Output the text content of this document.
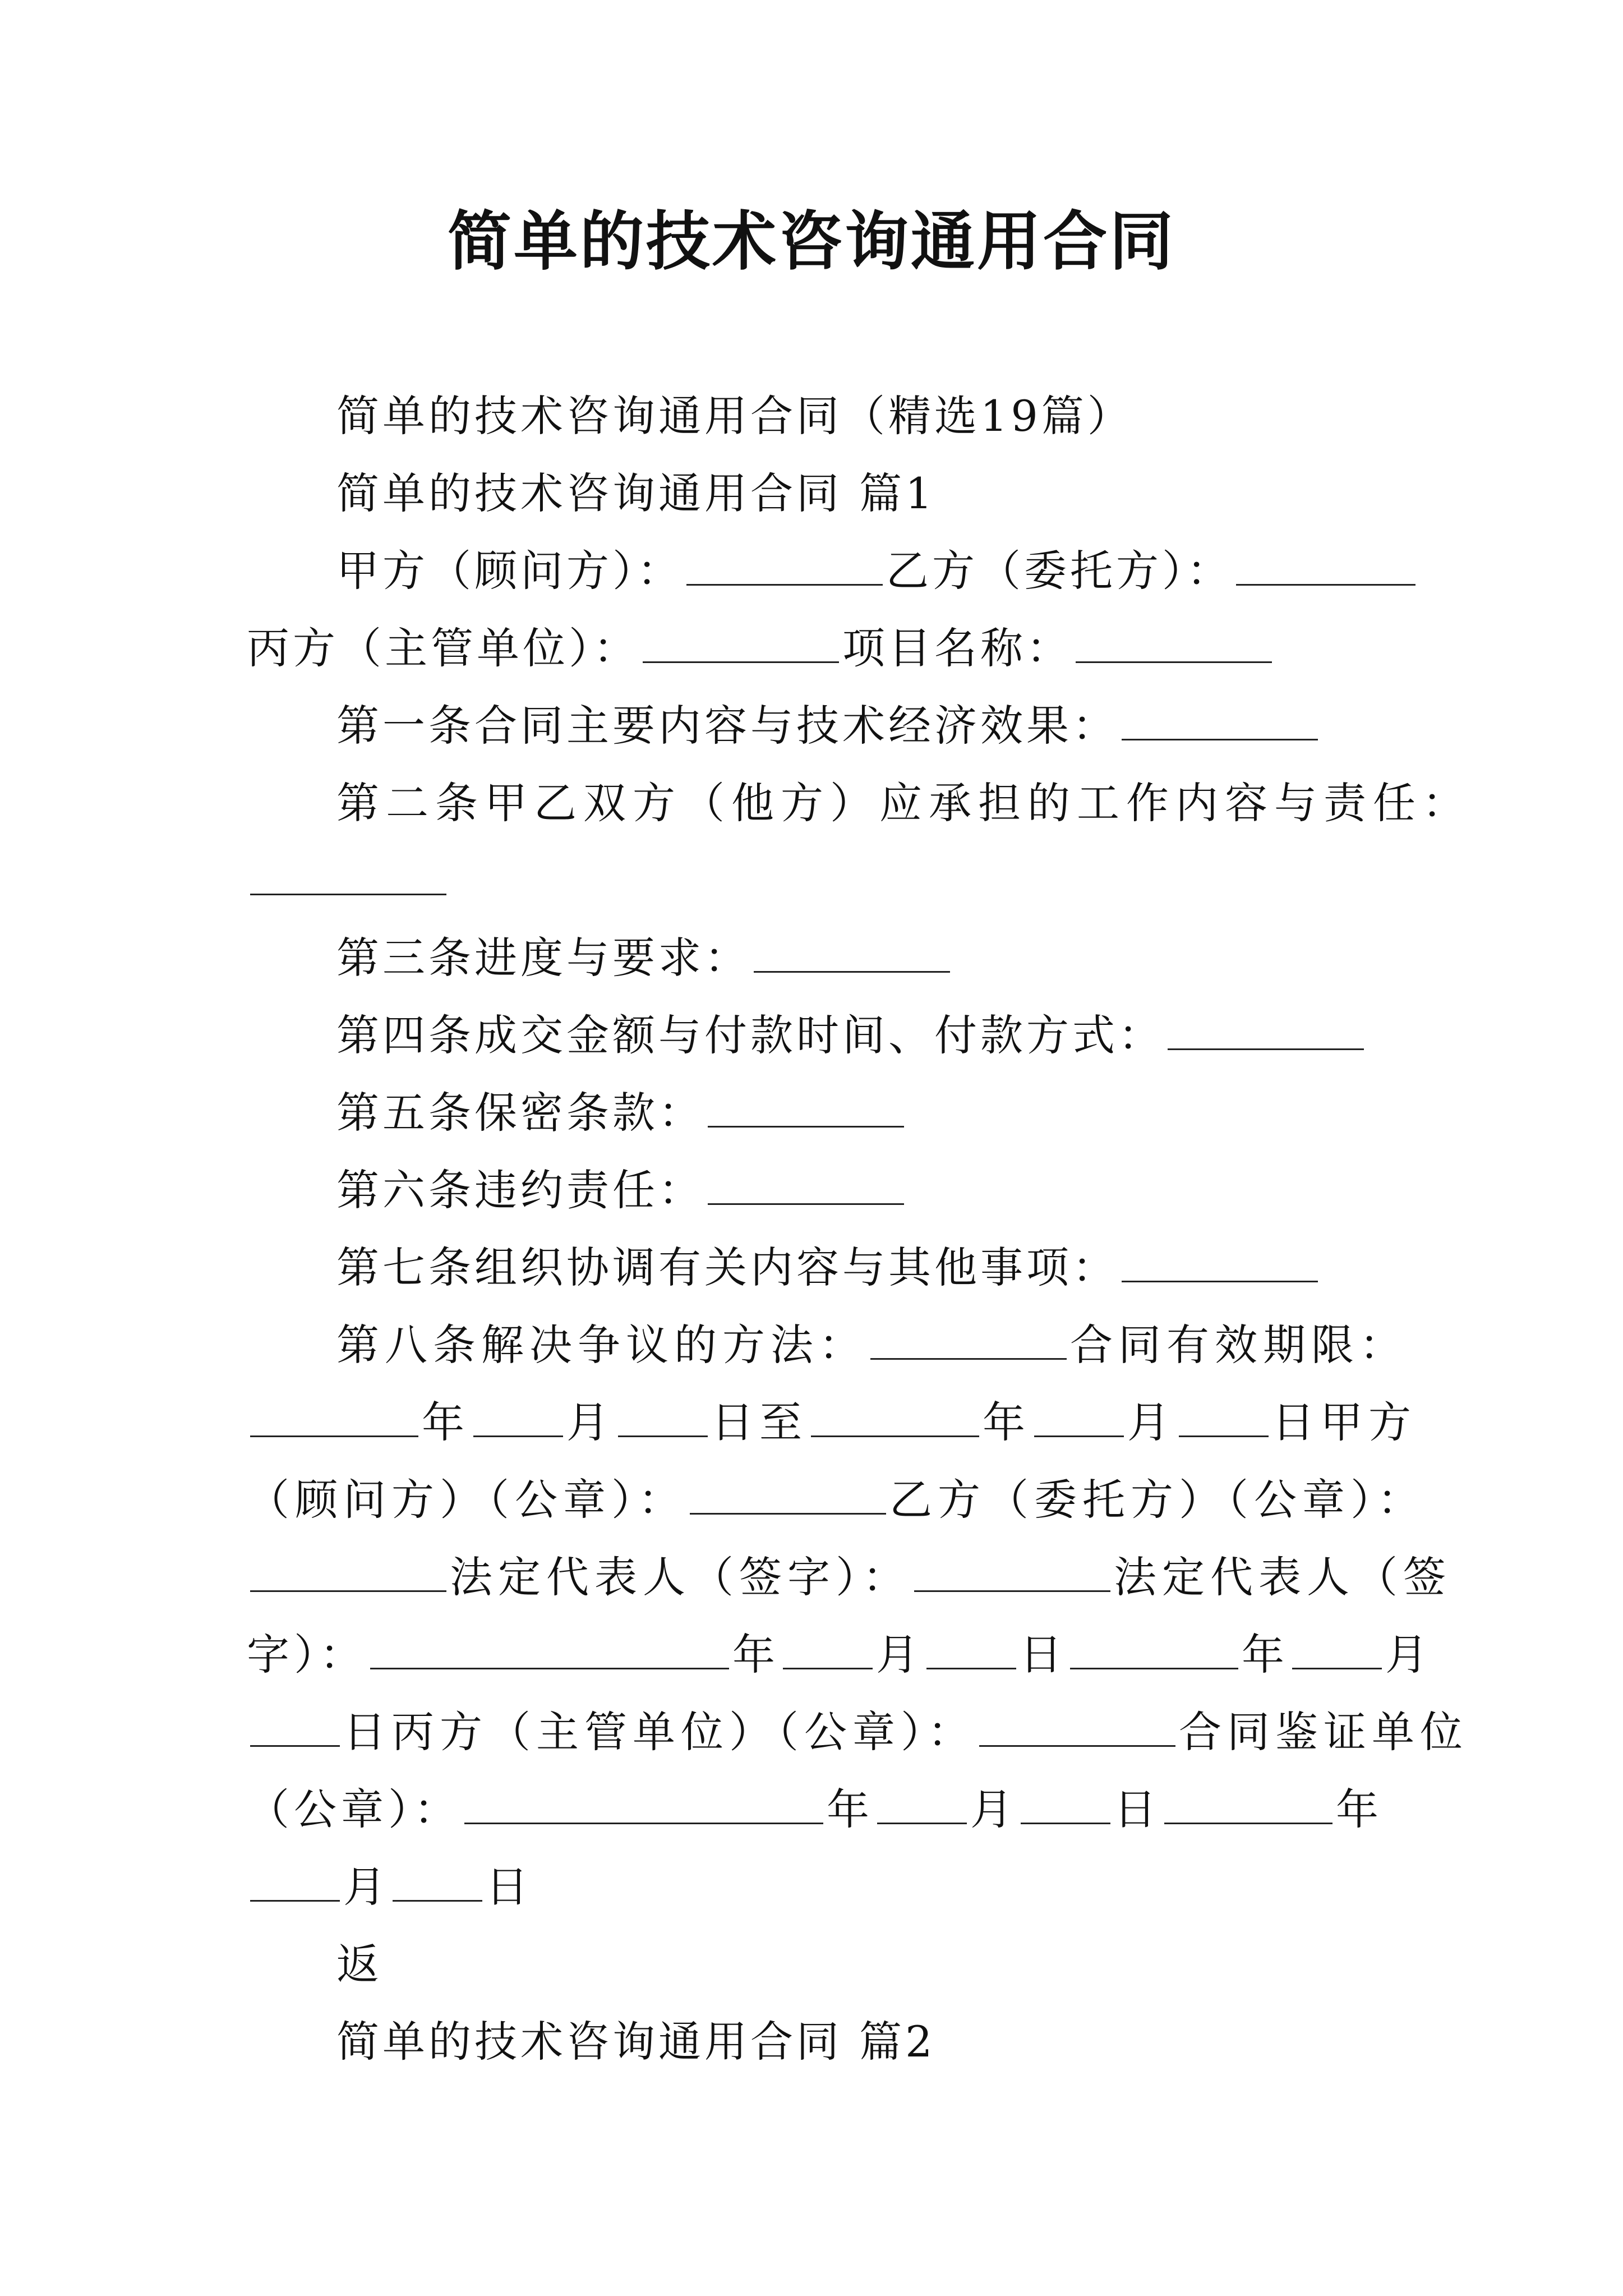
简单的技术咨询通用合同
简单的技术咨询通用合同（精选19篇）
简单的技术咨询通用合同 篇1
甲方（顾问方）：	乙方（委托方）：
丙方（主管单位）：	项目名称：
第一条合同主要内容与技术经济效果：
第二条甲乙双方（他方）应承担的工作内容与责任：
第三条进度与要求：
第四条成交金额与付款时间、付款方式：
第五条保密条款：
第六条违约责任：
第七条组织协调有关内容与其他事项：
第八条解决争议的方法：	合同有效期限：
年 月 日至	年 月 日甲方
（顾问方）（公章）：	乙方（委托方）（公章）：
法定代表人（签字）：	法定代表人（签
字）：	年 月 日	年 月
日丙方（主管单位）（公章）：	合同鉴证单位
（公章）：	年 月 日	年
月 日
返
简单的技术咨询通用合同 篇2
